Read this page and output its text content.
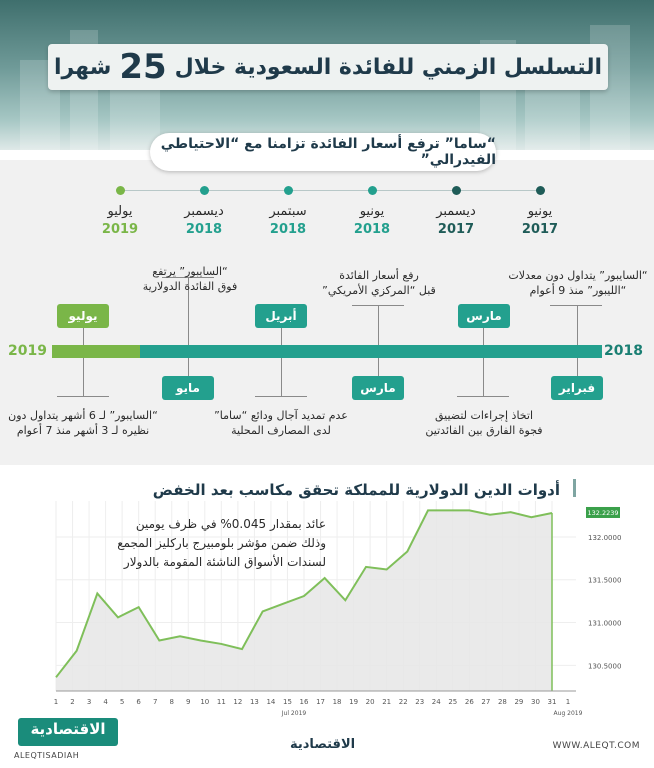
التسلسل الزمني للفائدة السعودية خلال
25
شهرا
“ساما” ترفع أسعار الفائدة تزامنا مع “الاحتياطي الفيدرالي”
يونيو
2017
ديسمبر
2017
يونيو
2018
سبتمبر
2018
ديسمبر
2018
يوليو
2019
2018
2019
“السايبور” يتداول دون معدلات
“الليبور” منذ 9 أعوام
مارس
رفع أسعار الفائدة
قبل “المركزي الأمريكي”
أبريل
“السايبور” يرتفع
فوق الفائدة الدولارية
يوليو
فبراير
مارس
مايو
اتخاذ إجراءات لتضييق
فجوة الفارق بين الفائدتين
عدم تمديد آجال ودائع “ساما”
لدى المصارف المحلية
“السايبور” لـ 6 أشهر يتداول دون
نظيره لـ 3 أشهر منذ 7 أعوام
أدوات الدين الدولارية للمملكة تحقق مكاسب بعد الخفض
1 2 3 4 5 6 7 8 9 10 11 12 13 14 15 16 17 18 19 20 21 22 23 24 25 26 27 28 29 30 31 1
Jul 2019	Aug 2019
130.5000
131.0000
131.5000
132.0000
132.2239
عائد بمقدار 0.045% في ظرف يومين
وذلك ضمن مؤشر بلومبيرج باركليز المجمع
لسندات الأسواق الناشئة المقومة بالدولار
الاقتصادية
ALEQTISADIAH
الاقتصادية	WWW.ALEQT.COM
